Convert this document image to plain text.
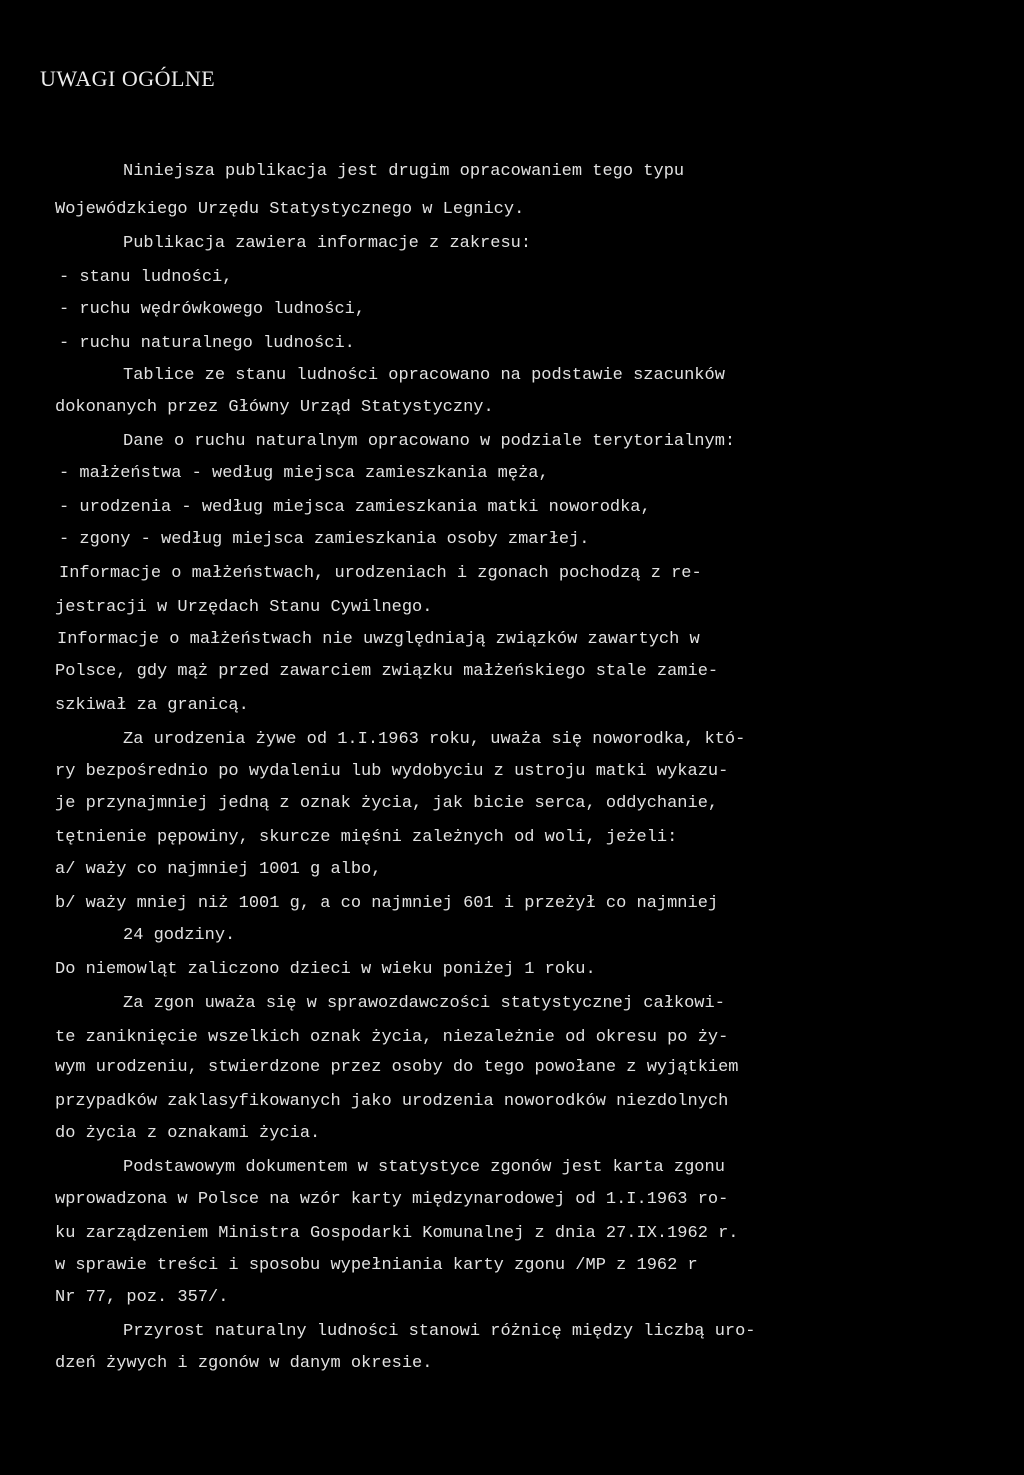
UWAGI OGÓLNE
Niniejsza publikacja jest drugim opracowaniem tego typu
Wojewódzkiego Urzędu Statystycznego w Legnicy.
Publikacja zawiera informacje z zakresu:
- stanu ludności,
- ruchu wędrówkowego ludności,
- ruchu naturalnego ludności.
Tablice ze stanu ludności opracowano na podstawie szacunków
dokonanych przez Główny Urząd Statystyczny.
Dane o ruchu naturalnym opracowano w podziale terytorialnym:
- małżeństwa - według miejsca zamieszkania męża,
- urodzenia - według miejsca zamieszkania matki noworodka,
- zgony - według miejsca zamieszkania osoby zmarłej.
Informacje o małżeństwach, urodzeniach i zgonach pochodzą z re-
jestracji w Urzędach Stanu Cywilnego.
Informacje o małżeństwach nie uwzględniają związków zawartych w
Polsce, gdy mąż przed zawarciem związku małżeńskiego stale zamie-
szkiwał za granicą.
Za urodzenia żywe od 1.I.1963 roku, uważa się noworodka, któ-
ry bezpośrednio po wydaleniu lub wydobyciu z ustroju matki wykazu-
je przynajmniej jedną z oznak życia, jak bicie serca, oddychanie,
tętnienie pępowiny, skurcze mięśni zależnych od woli, jeżeli:
a/ waży co najmniej 1001 g albo,
b/ waży mniej niż 1001 g, a co najmniej 601 i przeżył co najmniej
24 godziny.
Do niemowląt zaliczono dzieci w wieku poniżej 1 roku.
Za zgon uważa się w sprawozdawczości statystycznej całkowi-
te zaniknięcie wszelkich oznak życia, niezależnie od okresu po ży-
wym urodzeniu, stwierdzone przez osoby do tego powołane z wyjątkiem
przypadków zaklasyfikowanych jako urodzenia noworodków niezdolnych
do życia z oznakami życia.
Podstawowym dokumentem w statystyce zgonów jest karta zgonu
wprowadzona w Polsce na wzór karty międzynarodowej od 1.I.1963 ro-
ku zarządzeniem Ministra Gospodarki Komunalnej z dnia 27.IX.1962 r.
w sprawie treści i sposobu wypełniania karty zgonu /MP z 1962 r
Nr 77, poz. 357/.
Przyrost naturalny ludności stanowi różnicę między liczbą uro-
dzeń żywych i zgonów w danym okresie.
